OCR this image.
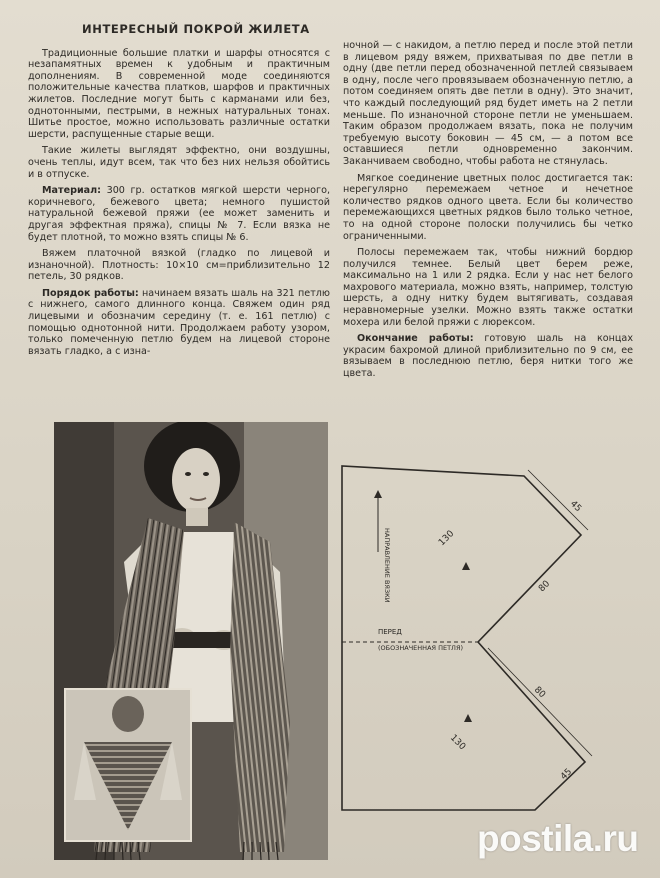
ИНТЕРЕСНЫЙ ПОКРОЙ ЖИЛЕТА

Традиционные большие платки и шарфы относятся с незапамятных времен к удобным и практичным дополнениям. В современной моде соединяются положительные качества платков, шарфов и практичных жилетов. Последние могут быть с карманами или без, однотонными, пестрыми, в нежных натуральных тонах. Шитье простое, можно использовать различные остатки шерсти, распущенные старые вещи.

Такие жилеты выглядят эффектно, они воздушны, очень теплы, идут всем, так что без них нельзя обойтись и в отпуске.

Материал: 300 гр. остатков мягкой шерсти черного, коричневого, бежевого цвета; немного пушистой натуральной бежевой пряжи (ее может заменить и другая эффектная пряжа), спицы № 7. Если вязка не будет плотной, то можно взять спицы № 6.

Вяжем платочной вязкой (гладко по лицевой и изнаночной). Плотность: 10×10 см=приблизительно 12 петель, 30 рядков.

Порядок работы: начинаем вязать шаль на 321 петлю с нижнего, самого длинного конца. Свяжем один ряд лицевыми и обозначим середину (т. е. 161 петлю) с помощью однотонной нити. Продолжаем работу узором, только помеченную петлю будем на лицевой стороне вязать гладко, а с изна-

ночной — с накидом, а петлю перед и после этой петли в лицевом ряду вяжем, прихватывая по две петли в одну (две петли перед обозначенной петлей связываем в одну, после чего провязываем обозначенную петлю, а потом соединяем опять две петли в одну). Это значит, что каждый последующий ряд будет иметь на 2 петли меньше. По изнаночной стороне петли не уменьшаем. Таким образом продолжаем вязать, пока не получим требуемую высоту боковин — 45 см, — а потом все оставшиеся петли одновременно закончим. Заканчиваем свободно, чтобы работа не стянулась.

Мягкое соединение цветных полос достигается так: нерегулярно перемежаем четное и нечетное количество рядков одного цвета. Если бы количество перемежающихся цветных рядков было только четное, то на одной стороне полоски получились бы четко ограниченными.

Полосы перемежаем так, чтобы нижний бордюр получился темнее. Белый цвет берем реже, максимально на 1 или 2 рядка. Если у нас нет белого махрового материала, можно взять, например, толстую шерсть, а одну нитку будем вытягивать, создавая неравномерные узелки. Можно взять также остатки мохера или белой пряжи с люрексом.

Окончание работы: готовую шаль на концах украсим бахромой длиной приблизительно по 9 см, ее вязываем в последнюю петлю, беря нитки того же цвета.

НАПРАВЛЕНИЕ ВЯЗКИ
ПЕРЕД
(ОБОЗНАЧЕННАЯ ПЕТЛЯ)
45
130
80
80
130
45
postila.ru
